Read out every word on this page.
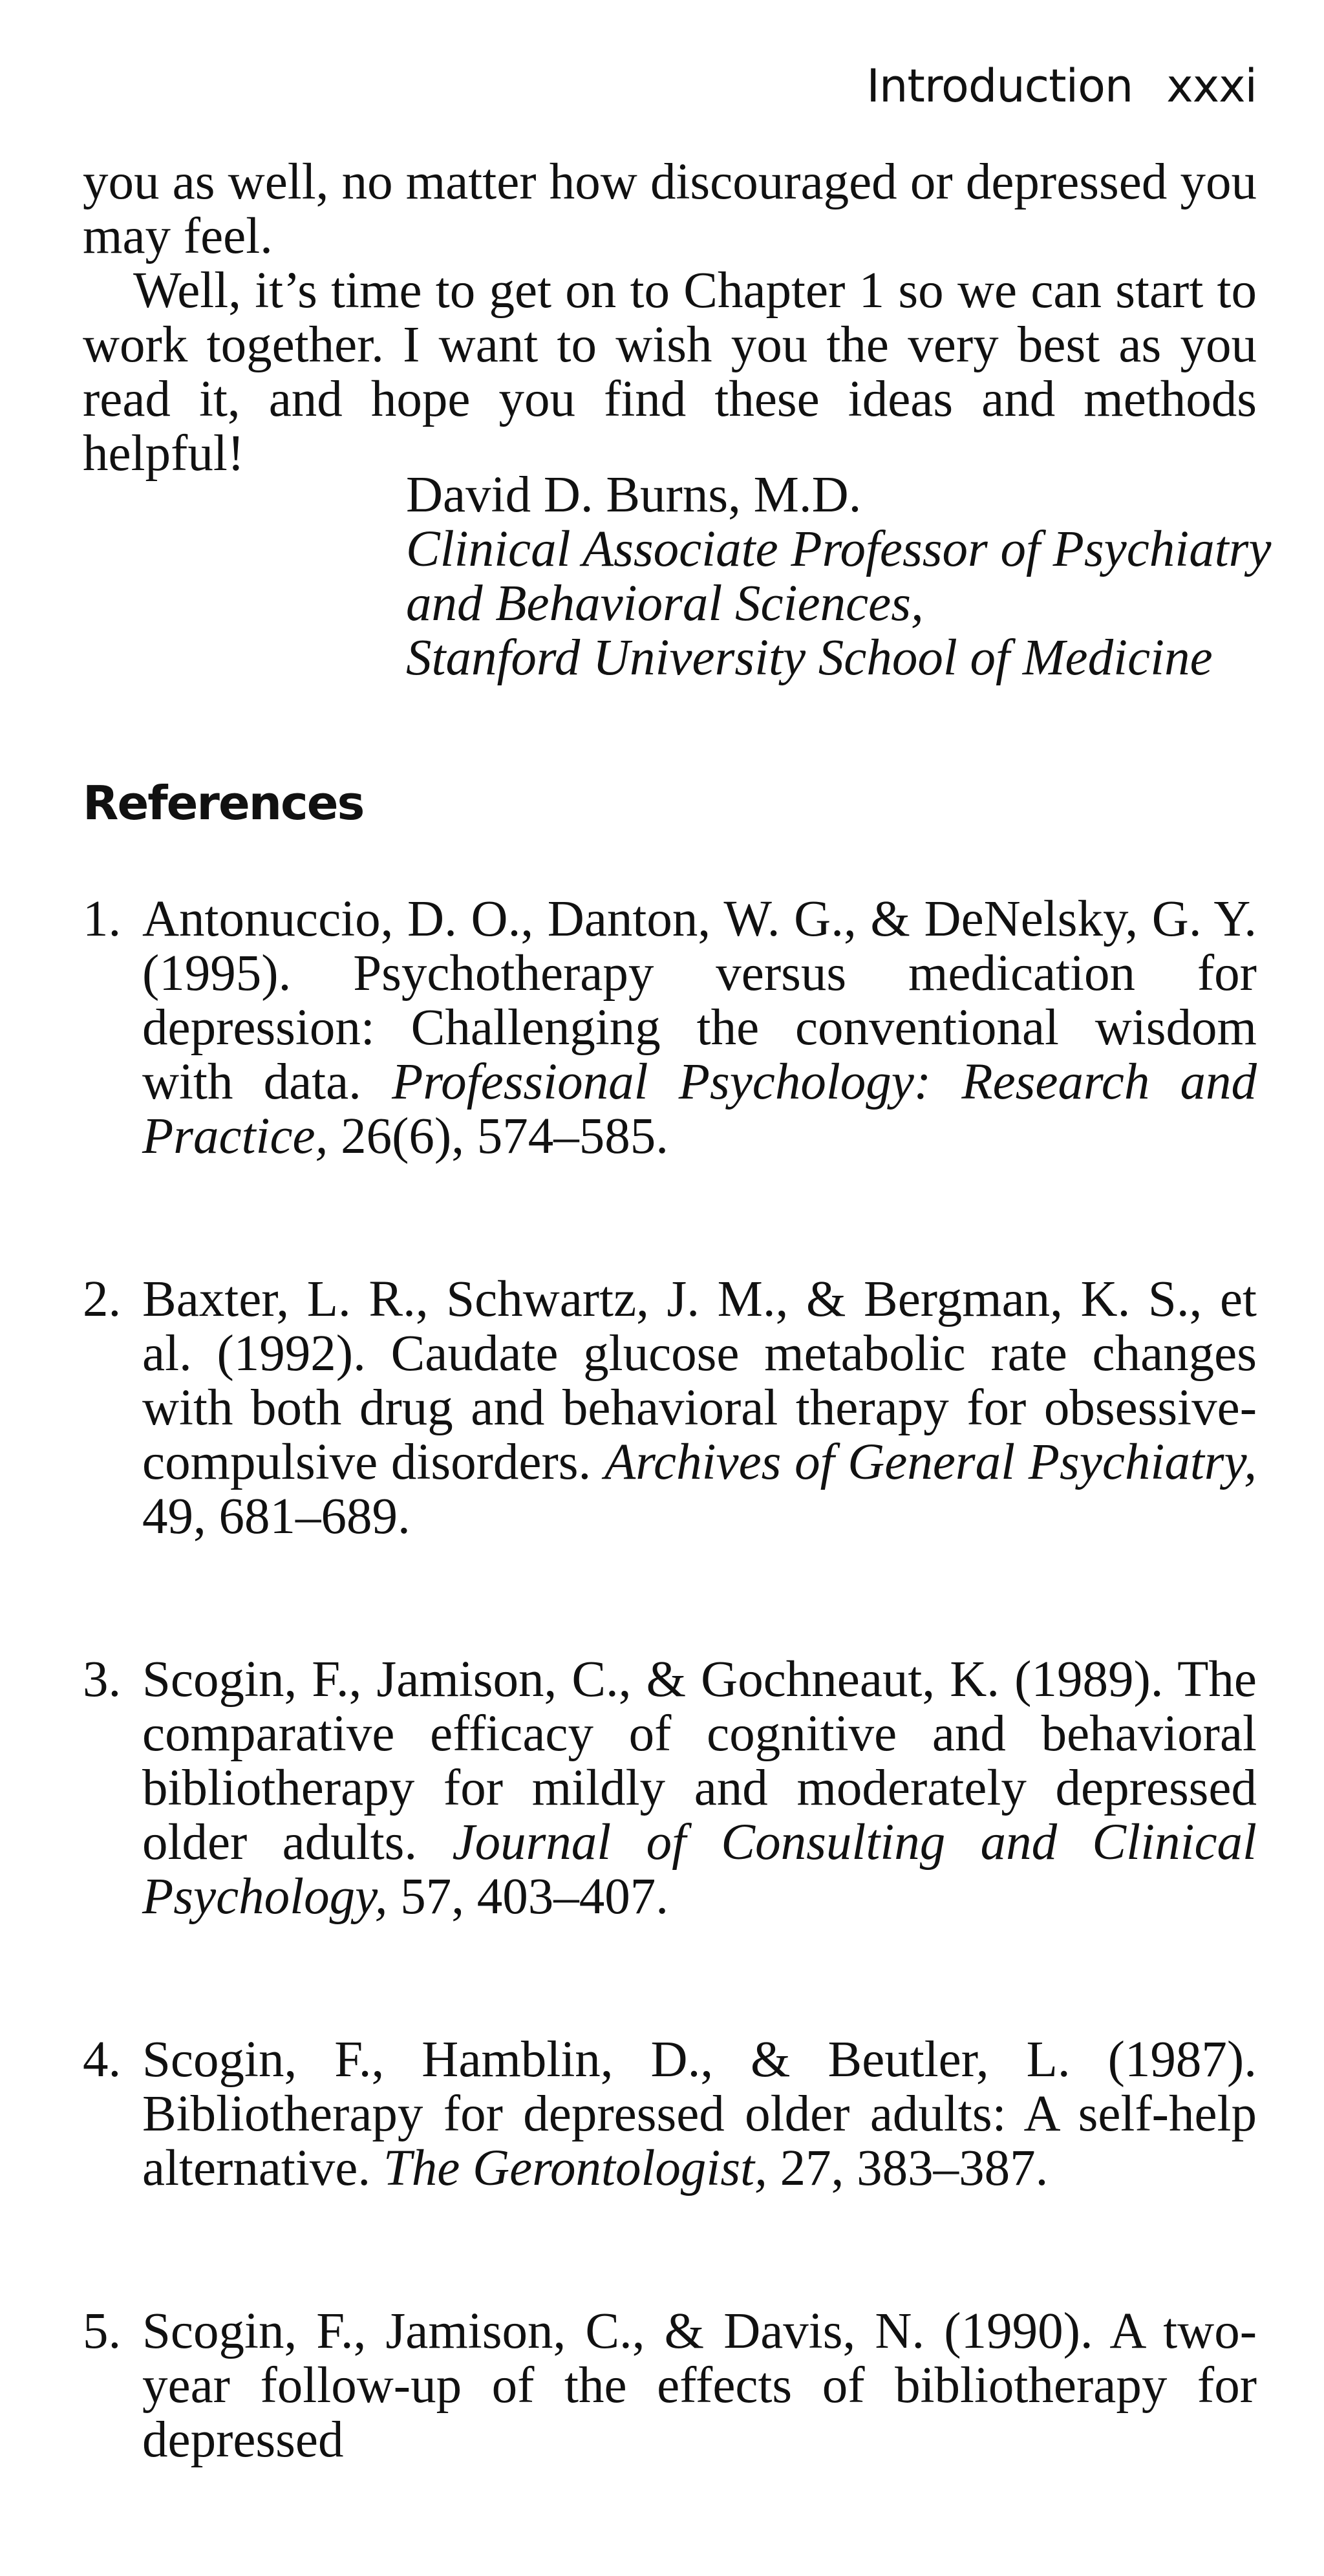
Introduction xxxi

you as well, no matter how discouraged or depressed you may feel.

Well, it’s time to get on to Chapter 1 so we can start to work together. I want to wish you the very best as you read it, and hope you find these ideas and methods helpful!

David D. Burns, M.D.
Clinical Associate Professor of Psychiatry
and Behavioral Sciences,
Stanford University School of Medicine
References
1. Antonuccio, D. O., Danton, W. G., & DeNelsky, G. Y. (1995). Psychotherapy versus medication for depression: Challenging the conventional wisdom with data. Professional Psychology: Research and Practice, 26(6), 574–585.
2. Baxter, L. R., Schwartz, J. M., & Bergman, K. S., et al. (1992). Caudate glucose metabolic rate changes with both drug and behavioral therapy for obsessive-compulsive disorders. Archives of General Psychiatry, 49, 681–689.
3. Scogin, F., Jamison, C., & Gochneaut, K. (1989). The comparative efficacy of cognitive and behavioral bibliotherapy for mildly and moderately depressed older adults. Journal of Consulting and Clinical Psychology, 57, 403–407.
4. Scogin, F., Hamblin, D., & Beutler, L. (1987). Bibliotherapy for depressed older adults: A self-help alternative. The Gerontologist, 27, 383–387.
5. Scogin, F., Jamison, C., & Davis, N. (1990). A two-year follow-up of the effects of bibliotherapy for depressed
